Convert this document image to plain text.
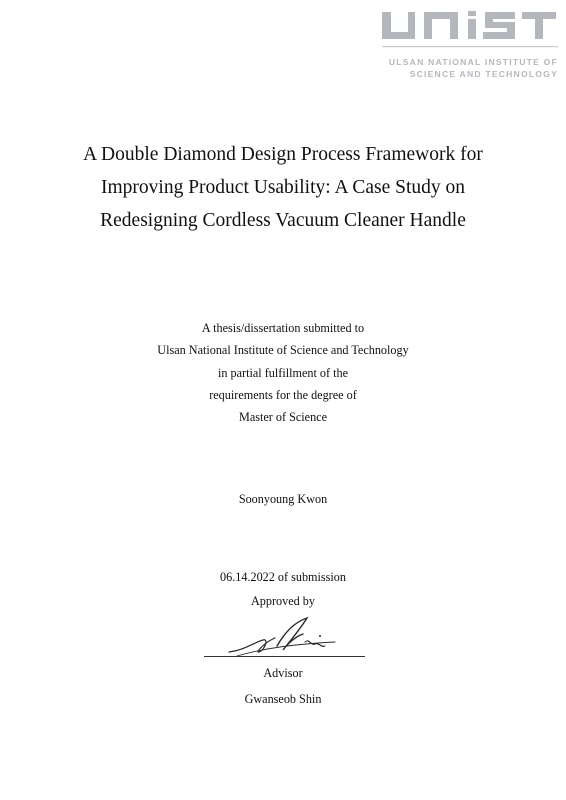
ULSAN NATIONAL INSTITUTE OF
SCIENCE AND TECHNOLOGY
A Double Diamond Design Process Framework for
Improving Product Usability: A Case Study on
Redesigning Cordless Vacuum Cleaner Handle
A thesis/dissertation submitted to
Ulsan National Institute of Science and Technology
in partial fulfillment of the
requirements for the degree of
Master of Science
Soonyoung Kwon
06.14.2022 of submission
Approved by
Advisor
Gwanseob Shin
